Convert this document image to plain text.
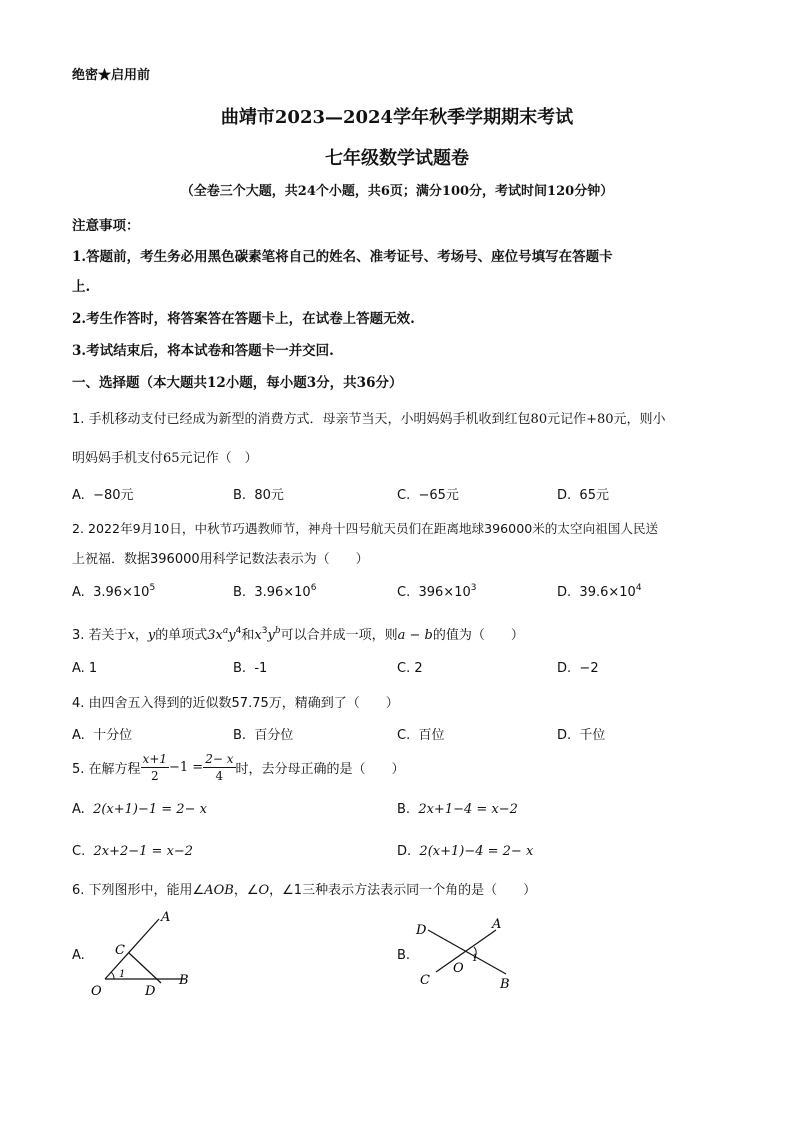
绝密★启用前
曲靖市2023—2024学年秋季学期期末考试
七年级数学试题卷
（全卷三个大题，共24个小题，共6页；满分100分，考试时间120分钟）
注意事项：
1.答题前，考生务必用黑色碳素笔将自己的姓名、准考证号、考场号、座位号填写在答题卡
上.
2.考生作答时，将答案答在答题卡上，在试卷上答题无效.
3.考试结束后，将本试卷和答题卡一并交回.
一、选择题（本大题共12小题，每小题3分，共36分）
1. 手机移动支付已经成为新型的消费方式．母亲节当天，小明妈妈手机收到红包80元记作+80元，则小
明妈妈手机支付65元记作（　）
A. −80元	B. 80元	C. −65元	D. 65元
2. 2022年9月10日，中秋节巧遇教师节，神舟十四号航天员们在距离地球396000米的太空向祖国人民送
上祝福．数据396000用科学记数法表示为（　　）
A. $3.96\times 10^5$	B. $3.96\times 10^6$	C. $396\times 10^3$	D. $39.6\times 10^4$
3. 若关于x，y的单项式$3x^ay^4$和$x^3y^b$可以合并成一项，则a − b的值为（　　）
A. 1	B. -1	C. 2	D. −2
4. 由四舍五入得到的近似数57.75万，精确到了（　　）
A. 十分位	B. 百分位	C. 百位	D. 千位
5. 在解方程 $\frac{x+1}{2} -1 = \frac{2- x}{4}$ 时，去分母正确的是（　　）
A. 2(x+1)−1 = 2− x	B. 2x+1−4 = x−2
C. 2x+2−1 = x−2	D. 2(x+1)−4 = 2− x
6. 下列图形中，能用∠AOB，∠O，∠1三种表示方法表示同一个角的是（　　）
A.
A
C
1
O	D
B
B.
D	A
O
1
C	B
